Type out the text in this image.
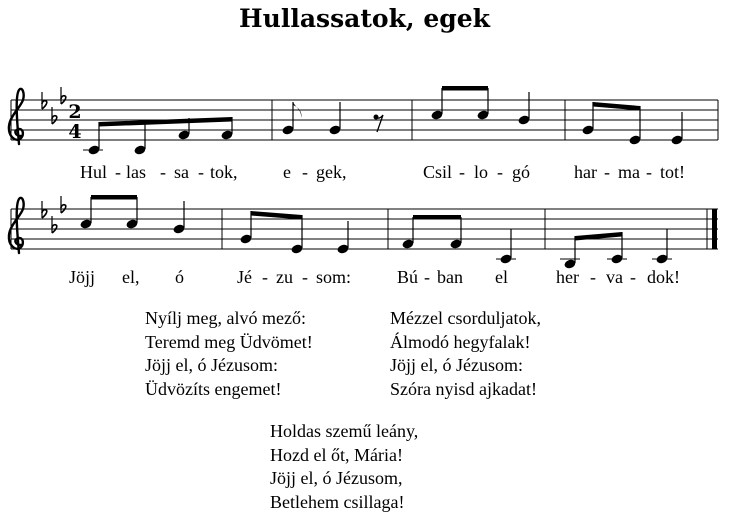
Hullassatok, egek
2
4
Hul - las - sa - tok,	e - gek,	Csil - lo - gó har - ma - tot!
Jöjj el, ó	Jé - zu - som:	Bú - ban el	her - va - dok!
Nyílj meg, alvó mező:
Teremd meg Üdvömet!
Jöjj el, ó Jézusom:
Üdvözíts engemet!
Mézzel csorduljatok,
Álmodó hegyfalak!
Jöjj el, ó Jézusom:
Szóra nyisd ajkadat!
Holdas szemű leány,
Hozd el őt, Mária!
Jöjj el, ó Jézusom,
Betlehem csillaga!
